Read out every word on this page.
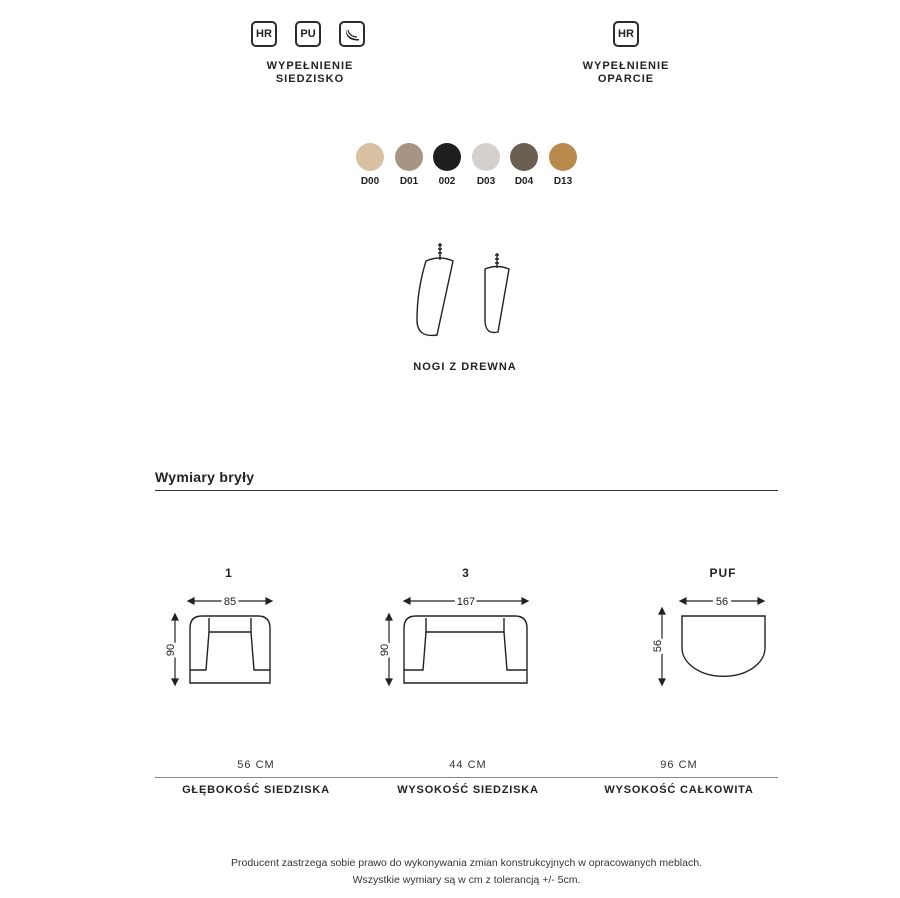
HR	PU
WYPEŁNIENIE
SIEDZISKO
HR
WYPEŁNIENIE
OPARCIE
D00	D01	002	D03	D04	D13
NOGI Z DREWNA
Wymiary bryły
1
85
90
3
167
90
PUF
56
56
56 CM	44 CM	96 CM
GŁĘBOKOŚĆ SIEDZISKA	WYSOKOŚĆ SIEDZISKA	WYSOKOŚĆ CAŁKOWITA
Producent zastrzega sobie prawo do wykonywania zmian konstrukcyjnych w opracowanych meblach.
Wszystkie wymiary są w cm z tolerancją +/- 5cm.
